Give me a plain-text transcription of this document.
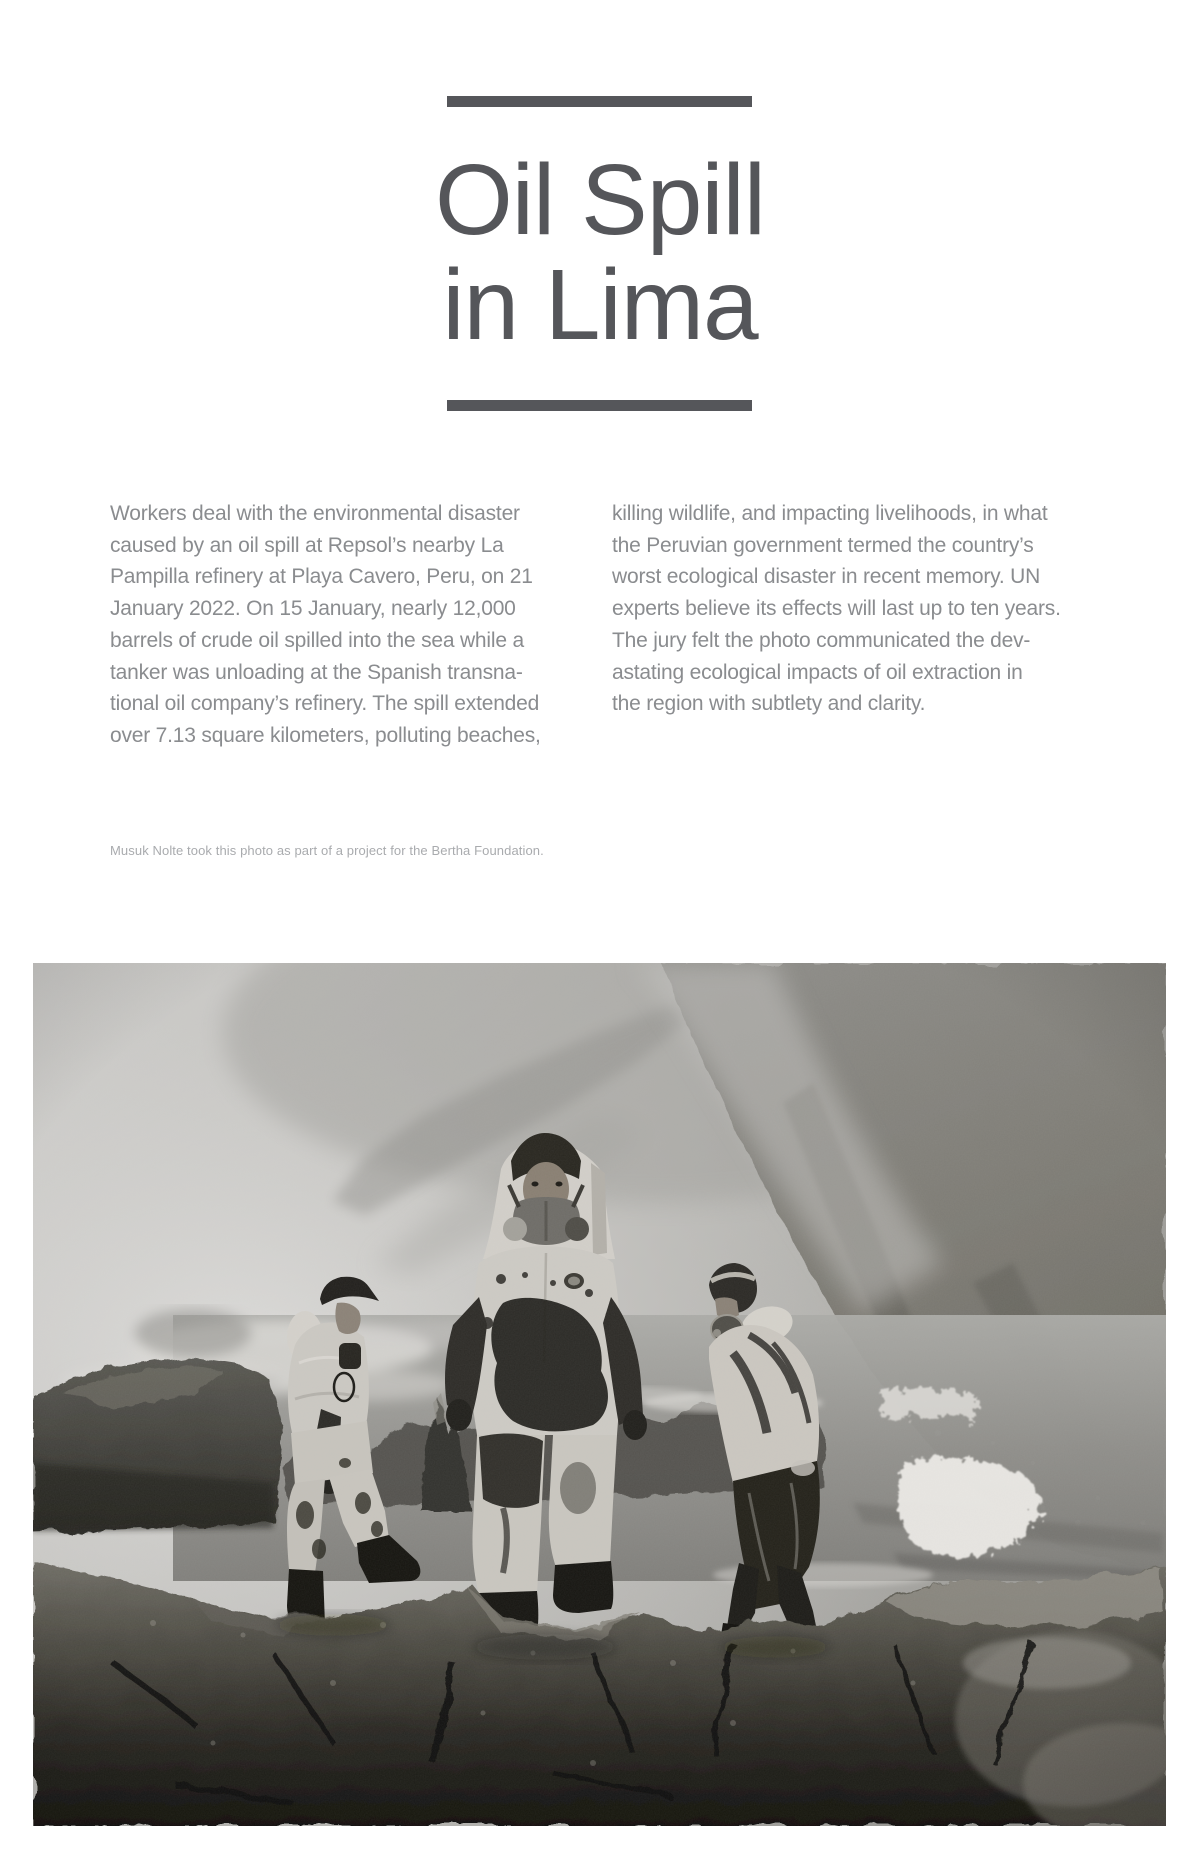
Oil Spill
in Lima
Workers deal with the environmental disaster
caused by an oil spill at Repsol’s nearby La
Pampilla refinery at Playa Cavero, Peru, on 21
January 2022. On 15 January, nearly 12,000
barrels of crude oil spilled into the sea while a
tanker was unloading at the Spanish transna-
tional oil company’s refinery. The spill extended
over 7.13 square kilometers, polluting beaches,
killing wildlife, and impacting livelihoods, in what
the Peruvian government termed the country’s
worst ecological disaster in recent memory. UN
experts believe its effects will last up to ten years.
The jury felt the photo communicated the dev-
astating ecological impacts of oil extraction in
the region with subtlety and clarity.
Musuk Nolte took this photo as part of a project for the Bertha Foundation.
